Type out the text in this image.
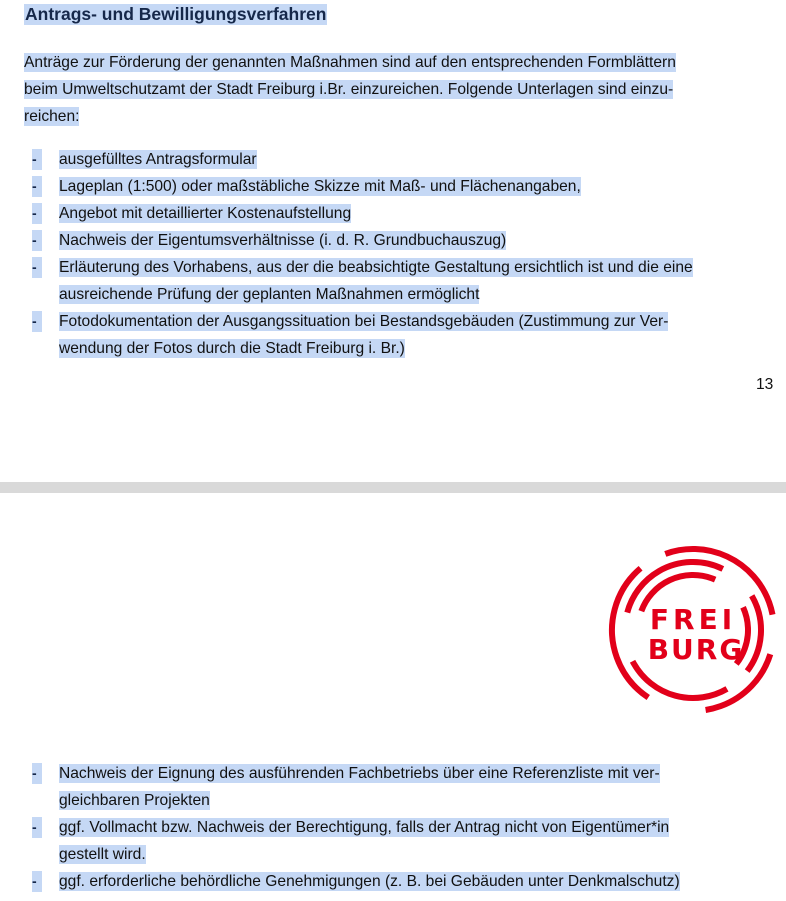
Antrags- und Bewilligungsverfahren
Anträge zur Förderung der genannten Maßnahmen sind auf den entsprechenden Formblättern
beim Umweltschutzamt der Stadt Freiburg i.Br. einzureichen. Folgende Unterlagen sind einzu-
reichen:
-	ausgefülltes Antragsformular
-	Lageplan (1:500) oder maßstäbliche Skizze mit Maß- und Flächenangaben,
-	Angebot mit detaillierter Kostenaufstellung
-	Nachweis der Eigentumsverhältnisse (i. d. R. Grundbuchauszug)
-	Erläuterung des Vorhabens, aus der die beabsichtigte Gestaltung ersichtlich ist und die eine
ausreichende Prüfung der geplanten Maßnahmen ermöglicht
-	Fotodokumentation der Ausgangssituation bei Bestandsgebäuden (Zustimmung zur Ver-
wendung der Fotos durch die Stadt Freiburg i. Br.)
13
FREI
BURG
-	Nachweis der Eignung des ausführenden Fachbetriebs über eine Referenzliste mit ver-
gleichbaren Projekten
-	ggf. Vollmacht bzw. Nachweis der Berechtigung, falls der Antrag nicht von Eigentümer*in
gestellt wird.
-	ggf. erforderliche behördliche Genehmigungen (z. B. bei Gebäuden unter Denkmalschutz)
